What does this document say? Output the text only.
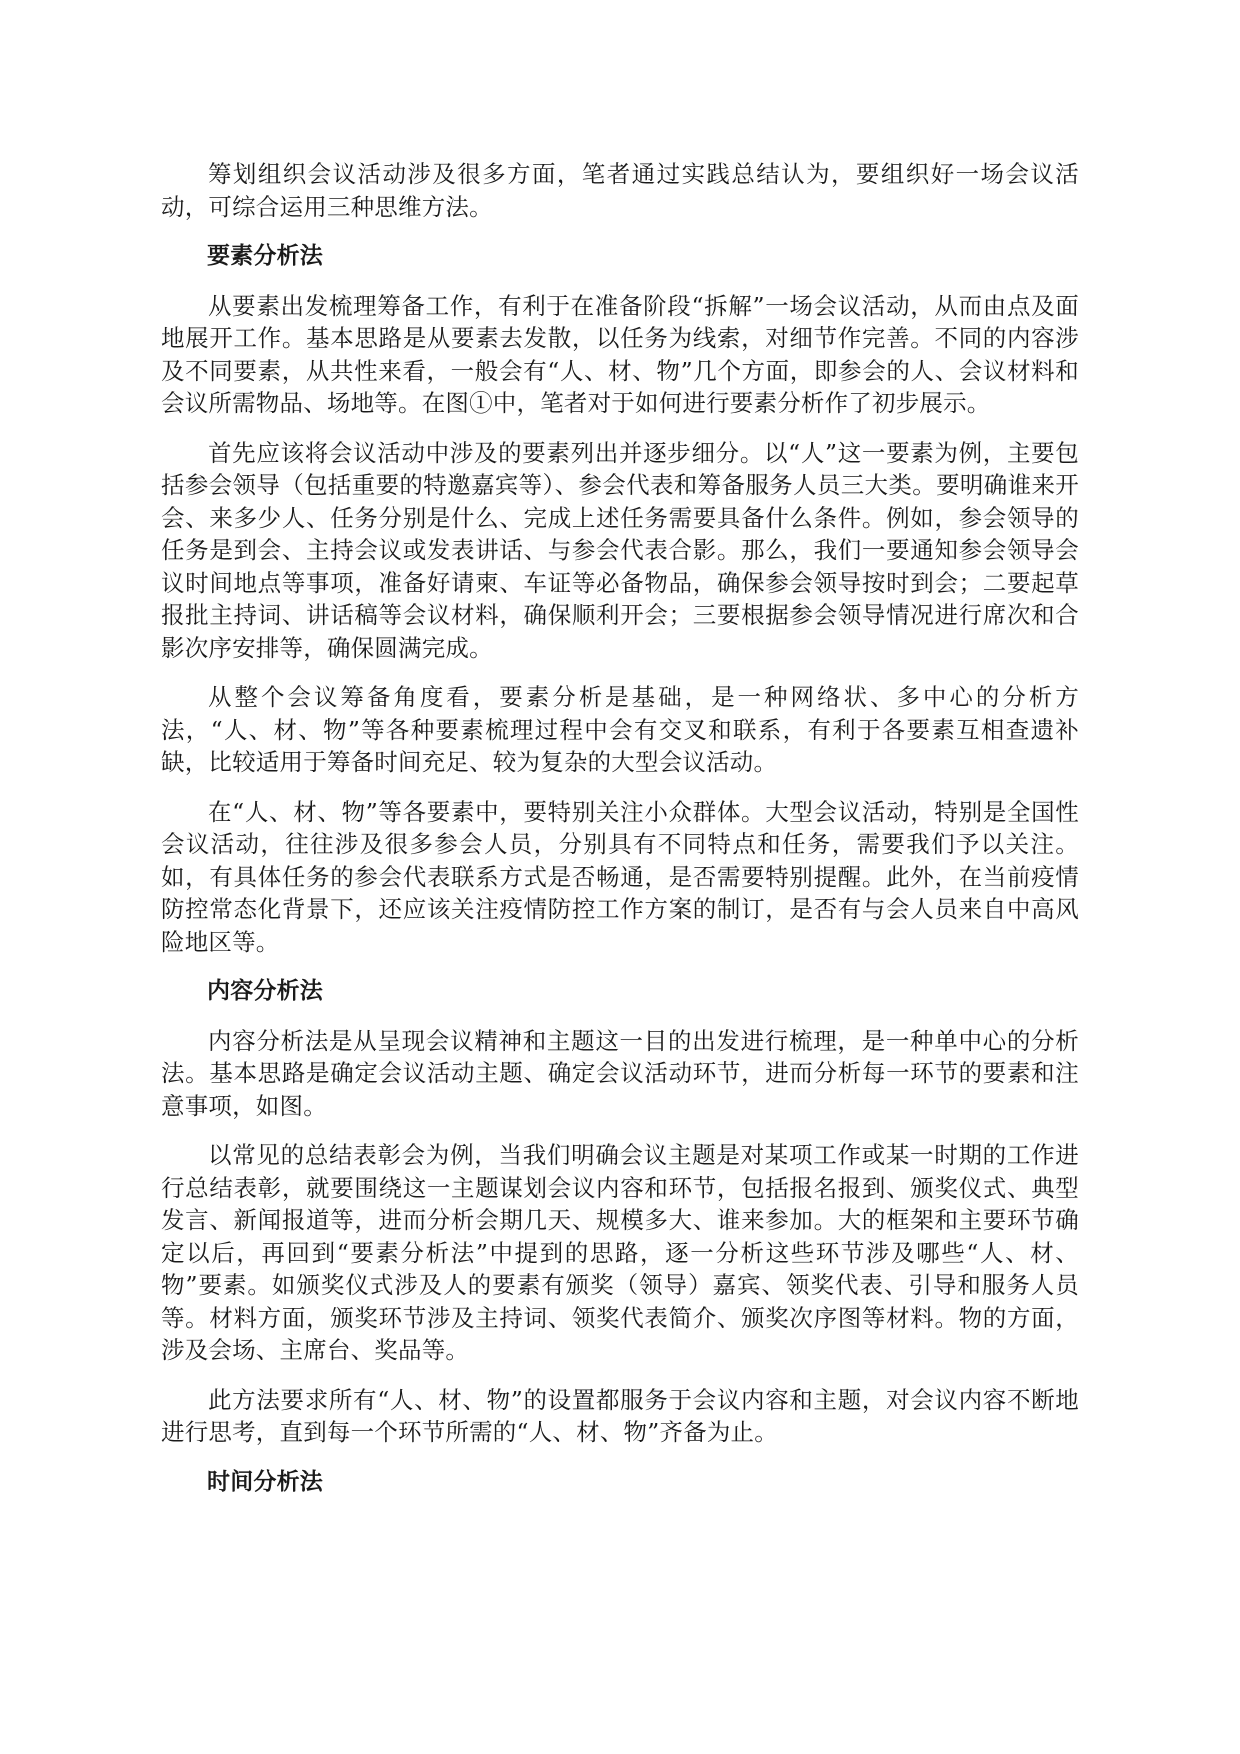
筹划组织会议活动涉及很多方面，笔者通过实践总结认为，要组织好一场会议活动，可综合运用三种思维方法。

要素分析法

从要素出发梳理筹备工作，有利于在准备阶段“拆解”一场会议活动，从而由点及面地展开工作。基本思路是从要素去发散，以任务为线索，对细节作完善。不同的内容涉及不同要素，从共性来看，一般会有“人、材、物”几个方面，即参会的人、会议材料和会议所需物品、场地等。在图①中，笔者对于如何进行要素分析作了初步展示。

首先应该将会议活动中涉及的要素列出并逐步细分。以“人”这一要素为例，主要包括参会领导（包括重要的特邀嘉宾等）、参会代表和筹备服务人员三大类。要明确谁来开会、来多少人、任务分别是什么、完成上述任务需要具备什么条件。例如，参会领导的任务是到会、主持会议或发表讲话、与参会代表合影。那么，我们一要通知参会领导会议时间地点等事项，准备好请柬、车证等必备物品，确保参会领导按时到会；二要起草报批主持词、讲话稿等会议材料，确保顺利开会；三要根据参会领导情况进行席次和合影次序安排等，确保圆满完成。

从整个会议筹备角度看，要素分析是基础，是一种网络状、多中心的分析方法，“人、材、物”等各种要素梳理过程中会有交叉和联系，有利于各要素互相查遗补缺，比较适用于筹备时间充足、较为复杂的大型会议活动。

在“人、材、物”等各要素中，要特别关注小众群体。大型会议活动，特别是全国性会议活动，往往涉及很多参会人员，分别具有不同特点和任务，需要我们予以关注。如，有具体任务的参会代表联系方式是否畅通，是否需要特别提醒。此外，在当前疫情防控常态化背景下，还应该关注疫情防控工作方案的制订，是否有与会人员来自中高风险地区等。

内容分析法

内容分析法是从呈现会议精神和主题这一目的出发进行梳理，是一种单中心的分析法。基本思路是确定会议活动主题、确定会议活动环节，进而分析每一环节的要素和注意事项，如图。

以常见的总结表彰会为例，当我们明确会议主题是对某项工作或某一时期的工作进行总结表彰，就要围绕这一主题谋划会议内容和环节，包括报名报到、颁奖仪式、典型发言、新闻报道等，进而分析会期几天、规模多大、谁来参加。大的框架和主要环节确定以后，再回到“要素分析法”中提到的思路，逐一分析这些环节涉及哪些“人、材、物”要素。如颁奖仪式涉及人的要素有颁奖（领导）嘉宾、领奖代表、引导和服务人员等。材料方面，颁奖环节涉及主持词、领奖代表简介、颁奖次序图等材料。物的方面，涉及会场、主席台、奖品等。

此方法要求所有“人、材、物”的设置都服务于会议内容和主题，对会议内容不断地进行思考，直到每一个环节所需的“人、材、物”齐备为止。

时间分析法
